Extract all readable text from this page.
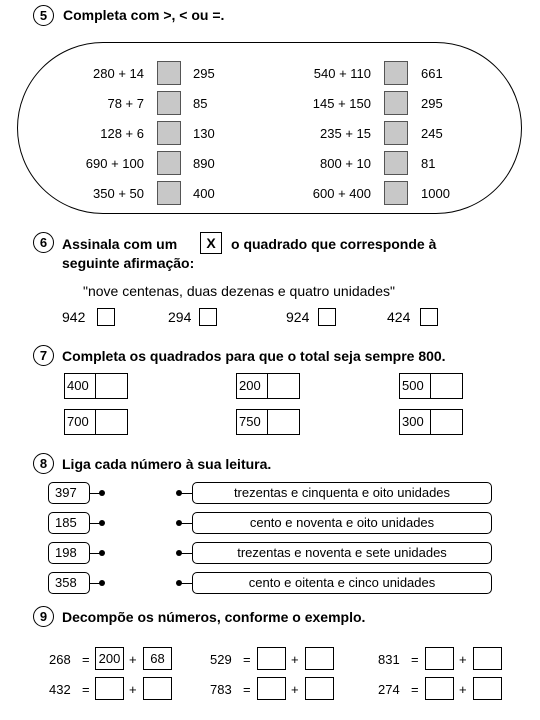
5	Completa com >, < ou =.
280 + 14	295
78 + 7	85
128 + 6	130
690 + 100	890
350 + 50	400
540 + 110	661
145 + 150	295
235 + 15	245
800 + 10	81
600 + 400	1000
6	Assinala com um	X	o quadrado que corresponde à
seguinte afirmação:
"nove centenas, duas dezenas e quatro unidades"
942	294	924	424
7	Completa os quadrados para que o total seja sempre 800.
400	200	500
700	750	300
8	Liga cada número à sua leitura.
397	trezentas e cinquenta e oito unidades
185	cento e noventa e oito unidades
198	trezentas e noventa e sete unidades
358	cento e oitenta e cinco unidades
9	Decompõe os números, conforme o exemplo.
268 = 200 +	68	529 =	+	831 =	+
432 =	+	783 =	+	274 =	+
